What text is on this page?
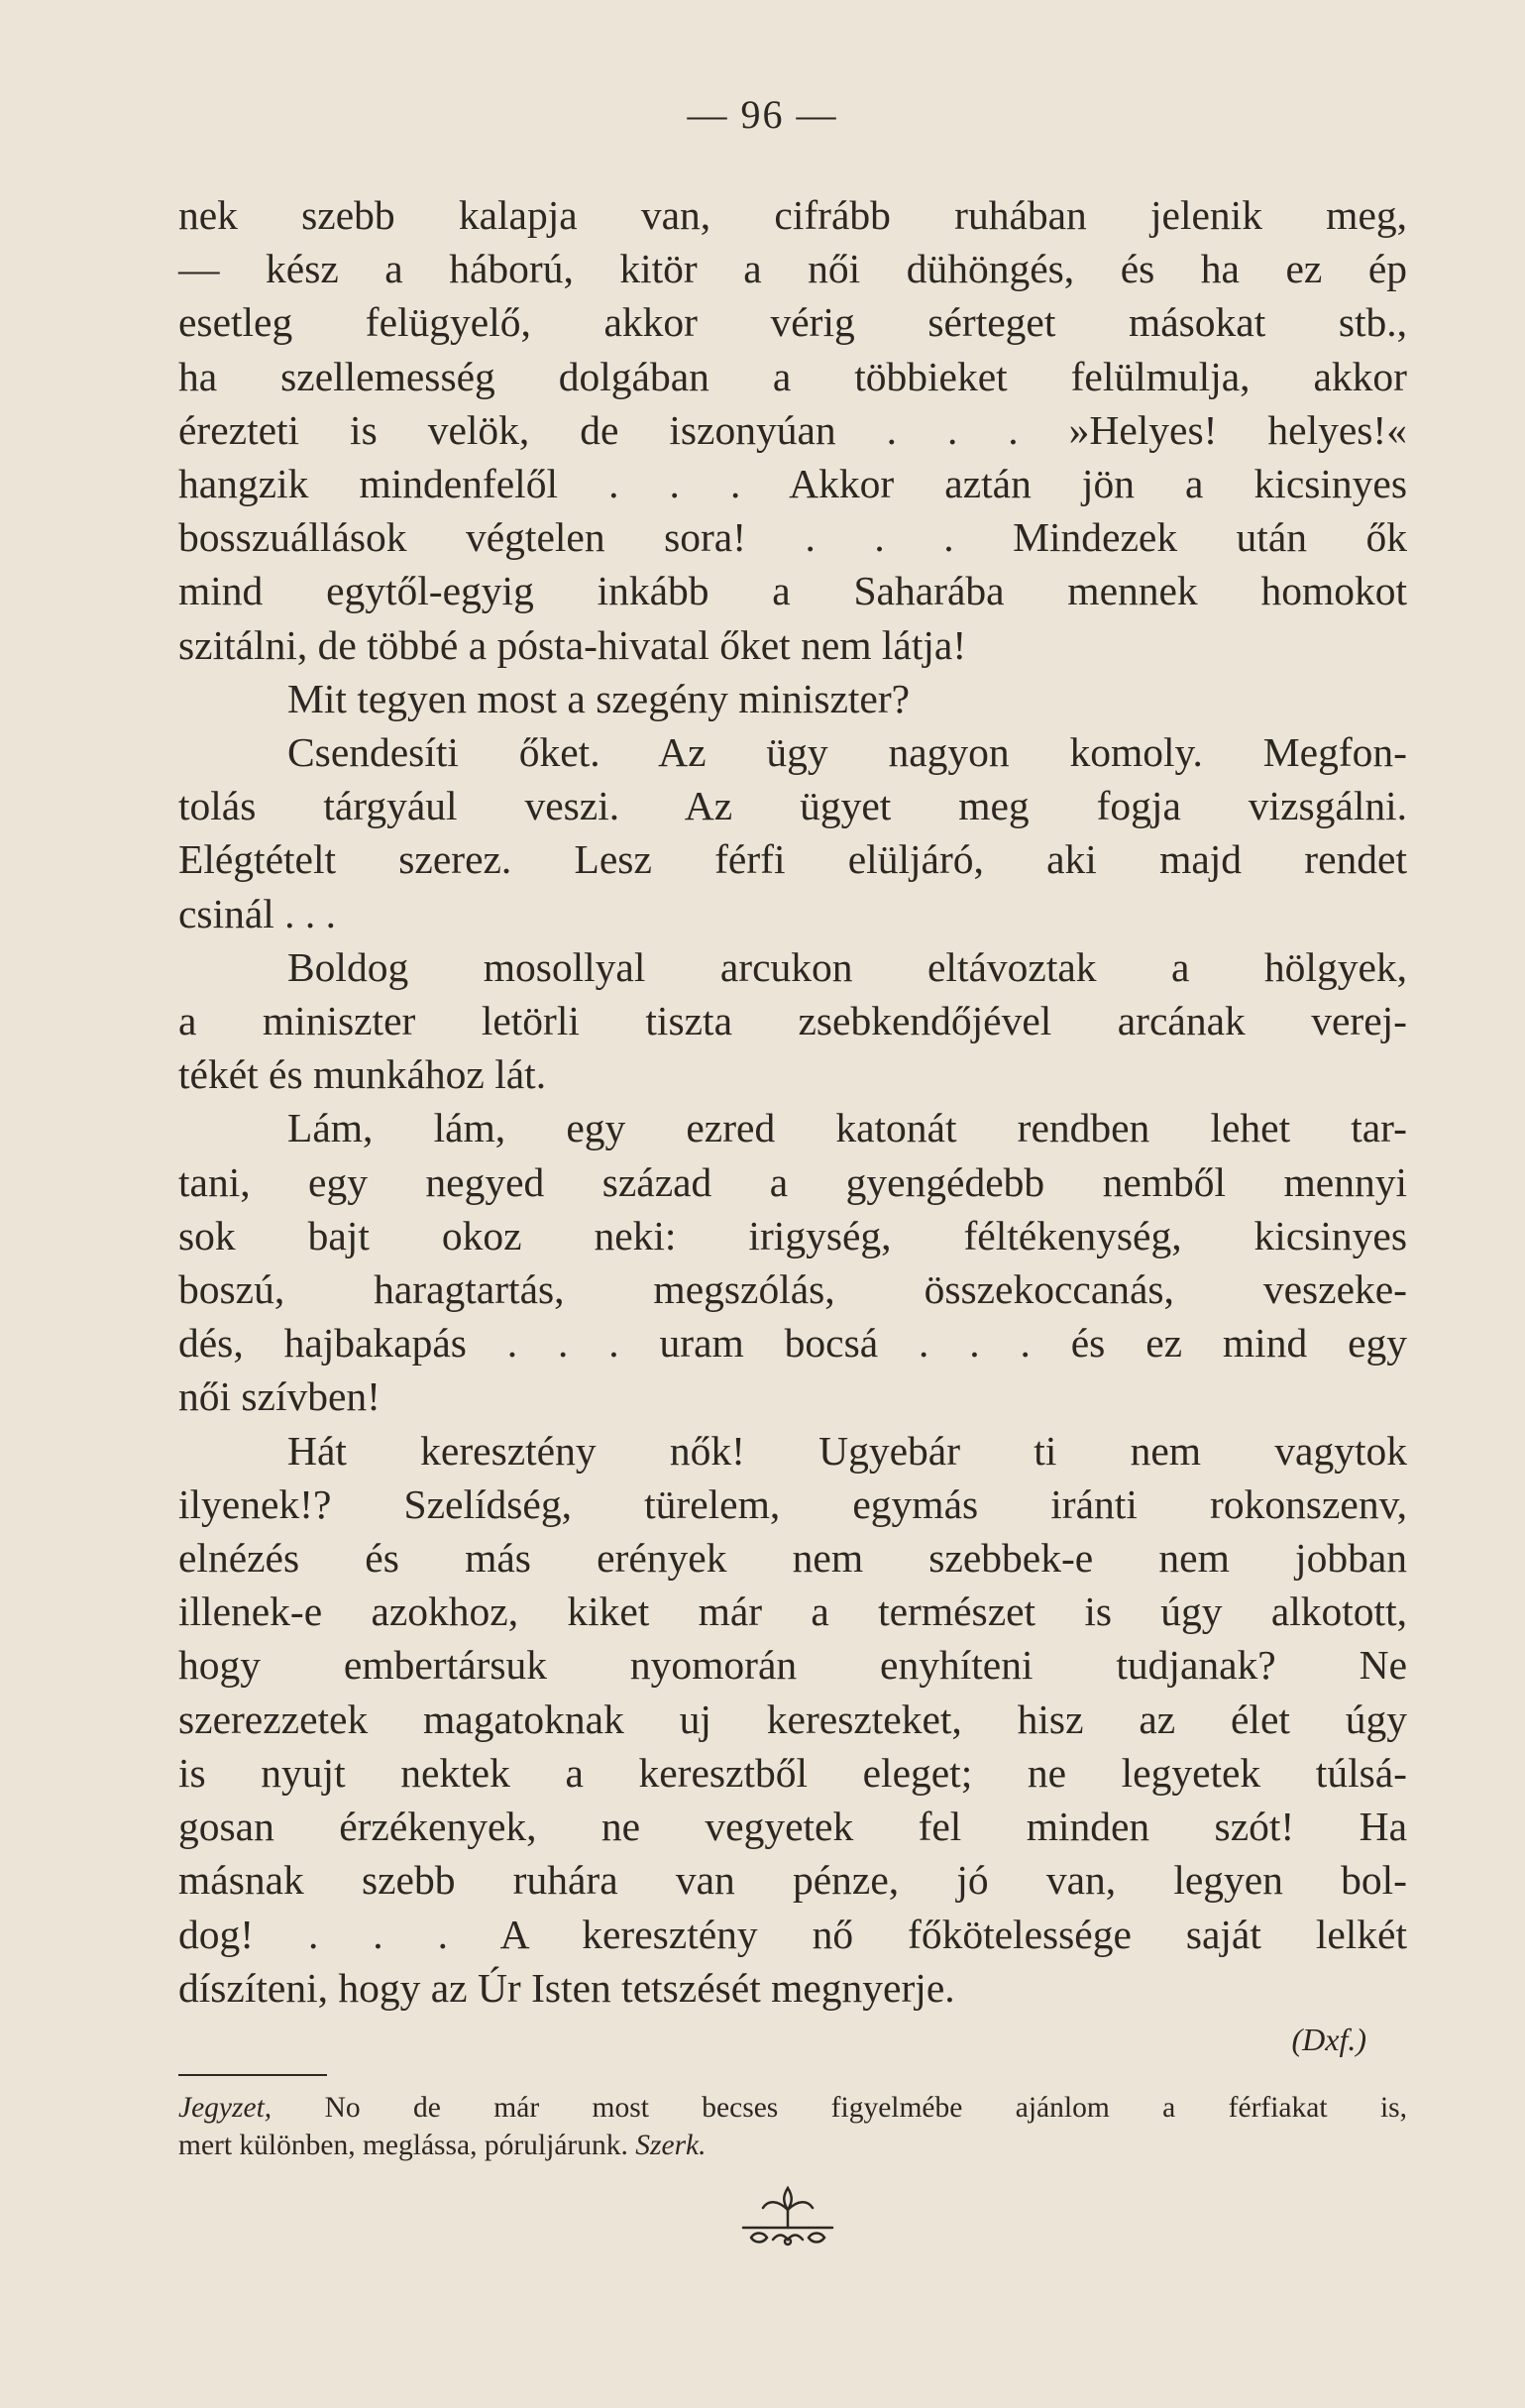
— 96 —
nek szebb kalapja van, cifrább ruhában jelenik meg,
— kész a háború, kitör a női dühöngés, és ha ez ép
esetleg felügyelő, akkor vérig sérteget másokat stb.,
ha szellemesség dolgában a többieket felülmulja, akkor
érezteti is velök, de iszonyúan . . . »Helyes! helyes!«
hangzik mindenfelől . . . Akkor aztán jön a kicsinyes
bosszuállások végtelen sora! . . . Mindezek után ők
mind egytől-egyig inkább a Saharába mennek homokot
szitálni, de többé a pósta-hivatal őket nem látja!
Mit tegyen most a szegény miniszter?
Csendesíti őket. Az ügy nagyon komoly. Megfon-
tolás tárgyául veszi. Az ügyet meg fogja vizsgálni.
Elégtételt szerez. Lesz férfi elüljáró, aki majd rendet
csinál . . .
Boldog mosollyal arcukon eltávoztak a hölgyek,
a miniszter letörli tiszta zsebkendőjével arcának verej-
tékét és munkához lát.
Lám, lám, egy ezred katonát rendben lehet tar-
tani, egy negyed század a gyengédebb nemből mennyi
sok bajt okoz neki: irigység, féltékenység, kicsinyes
boszú, haragtartás, megszólás, összekoccanás, veszeke-
dés, hajbakapás . . . uram bocsá . . . és ez mind egy
női szívben!
Hát keresztény nők! Ugyebár ti nem vagytok
ilyenek!? Szelídség, türelem, egymás iránti rokonszenv,
elnézés és más erények nem szebbek-e nem jobban
illenek-e azokhoz, kiket már a természet is úgy alkotott,
hogy embertársuk nyomorán enyhíteni tudjanak? Ne
szerezzetek magatoknak uj kereszteket, hisz az élet úgy
is nyujt nektek a keresztből eleget; ne legyetek túlsá-
gosan érzékenyek, ne vegyetek fel minden szót! Ha
másnak szebb ruhára van pénze, jó van, legyen bol-
dog! . . . A keresztény nő főkötelessége saját lelkét
díszíteni, hogy az Úr Isten tetszését megnyerje.
(Dxf.)
Jegyzet, No de már most becses figyelmébe ajánlom a férfiakat is,
mert különben, meglássa, póruljárunk. Szerk.
